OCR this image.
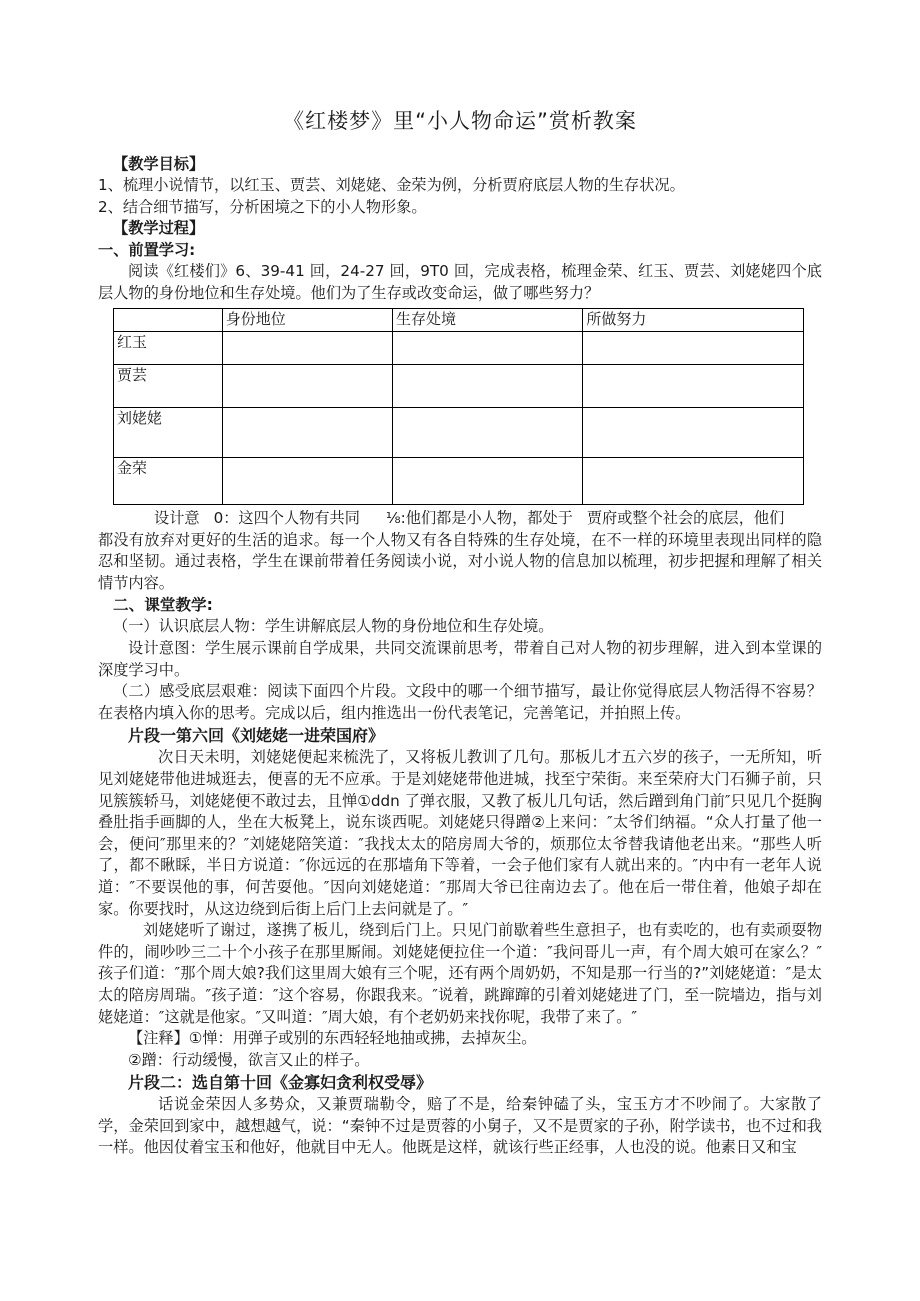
《红楼梦》里“小人物命运”赏析教案

【教学目标】

1、梳理小说情节，以红玉、贾芸、刘姥姥、金荣为例，分析贾府底层人物的生存状况。

2、结合细节描写，分析困境之下的小人物形象。

【教学过程】

一、前置学习:

阅读《红楼们》6、39-41 回，24-27 回，9T0 回，完成表格，梳理金荣、红玉、贾芸、刘姥姥四个底层人物的身份地位和生存处境。他们为了生存或改变命运，做了哪些努力？

	身份地位	生存处境	所做努力
红玉			
贾芸			
刘姥姥			
金荣			
设计意 0：这四个人物有共同 ⅛:他们都是小人物，都处于 贾府或整个社会的底层，他们

都没有放弃对更好的生活的追求。每一个人物又有各自特殊的生存处境，在不一样的环境里表现出同样的隐忍和坚韧。通过表格，学生在课前带着任务阅读小说，对小说人物的信息加以梳理，初步把握和理解了相关情节内容。

二、课堂教学:

（一）认识底层人物：学生讲解底层人物的身份地位和生存处境。

设计意图：学生展示课前自学成果，共同交流课前思考，带着自己对人物的初步理解，进入到本堂课的深度学习中。

（二）感受底层艰难：阅读下面四个片段。文段中的哪一个细节描写，最让你觉得底层人物活得不容易？在表格内填入你的思考。完成以后，组内推选出一份代表笔记，完善笔记，并拍照上传。

片段一第六回《刘姥姥一进荣国府》

次日天未明，刘姥姥便起来梳洗了，又将板儿教训了几句。那板儿才五六岁的孩子，一无所知，听见刘姥姥带他进城逛去，便喜的无不应承。于是刘姥姥带他进城，找至宁荣街。来至荣府大门石狮子前，只见簇簇轿马，刘姥姥便不敢过去，且惮①ddn 了弹衣服，又教了板儿几句话，然后蹭到角门前″只见几个挺胸叠肚指手画脚的人，坐在大板凳上，说东谈西呢。刘姥姥只得蹭②上来问：″太爷们纳福。“众人打量了他一会，便问″那里来的？″刘姥姥陪笑道：″我找太太的陪房周大爷的，烦那位太爷替我请他老出来。“那些人听了，都不瞅睬，半日方说道：″你远远的在那墙角下等着，一会子他们家有人就出来的。″内中有一老年人说道：″不要误他的事，何苦耍他。″因向刘姥姥道：″那周大爷已往南边去了。他在后一带住着，他娘子却在家。你要找时，从这边绕到后街上后门上去问就是了。″

刘姥姥听了谢过，遂携了板儿，绕到后门上。只见门前歇着些生意担子，也有卖吃的，也有卖顽耍物件的，闹吵吵三二十个小孩子在那里厮闹。刘姥姥便拉住一个道：″我问哥儿一声，有个周大娘可在家么？″孩子们道：″那个周大娘?我们这里周大娘有三个呢，还有两个周奶奶，不知是那一行当的?”刘姥姥道：″是太太的陪房周瑞。″孩子道：″这个容易，你跟我来。″说着，跳蹿蹿的引着刘姥姥进了门，至一院墙边，指与刘姥姥道：″这就是他家。″又叫道：″周大娘，有个老奶奶来找你呢，我带了来了。″

【注释】①惮：用弹子或别的东西轻轻地抽或拂，去掉灰尘。

②蹭：行动缓慢，欲言又止的样子。

片段二：选自第十回《金寡妇贪利权受辱》

话说金荣因人多势众，又兼贾瑞勒令，赔了不是，给秦钟磕了头，宝玉方才不吵闹了。大家散了学，金荣回到家中，越想越气，说：“秦钟不过是贾蓉的小舅子，又不是贾家的子孙，附学读书，也不过和我一样。他因仗着宝玉和他好，他就目中无人。他既是这样，就该行些正经事，人也没的说。他素日又和宝
